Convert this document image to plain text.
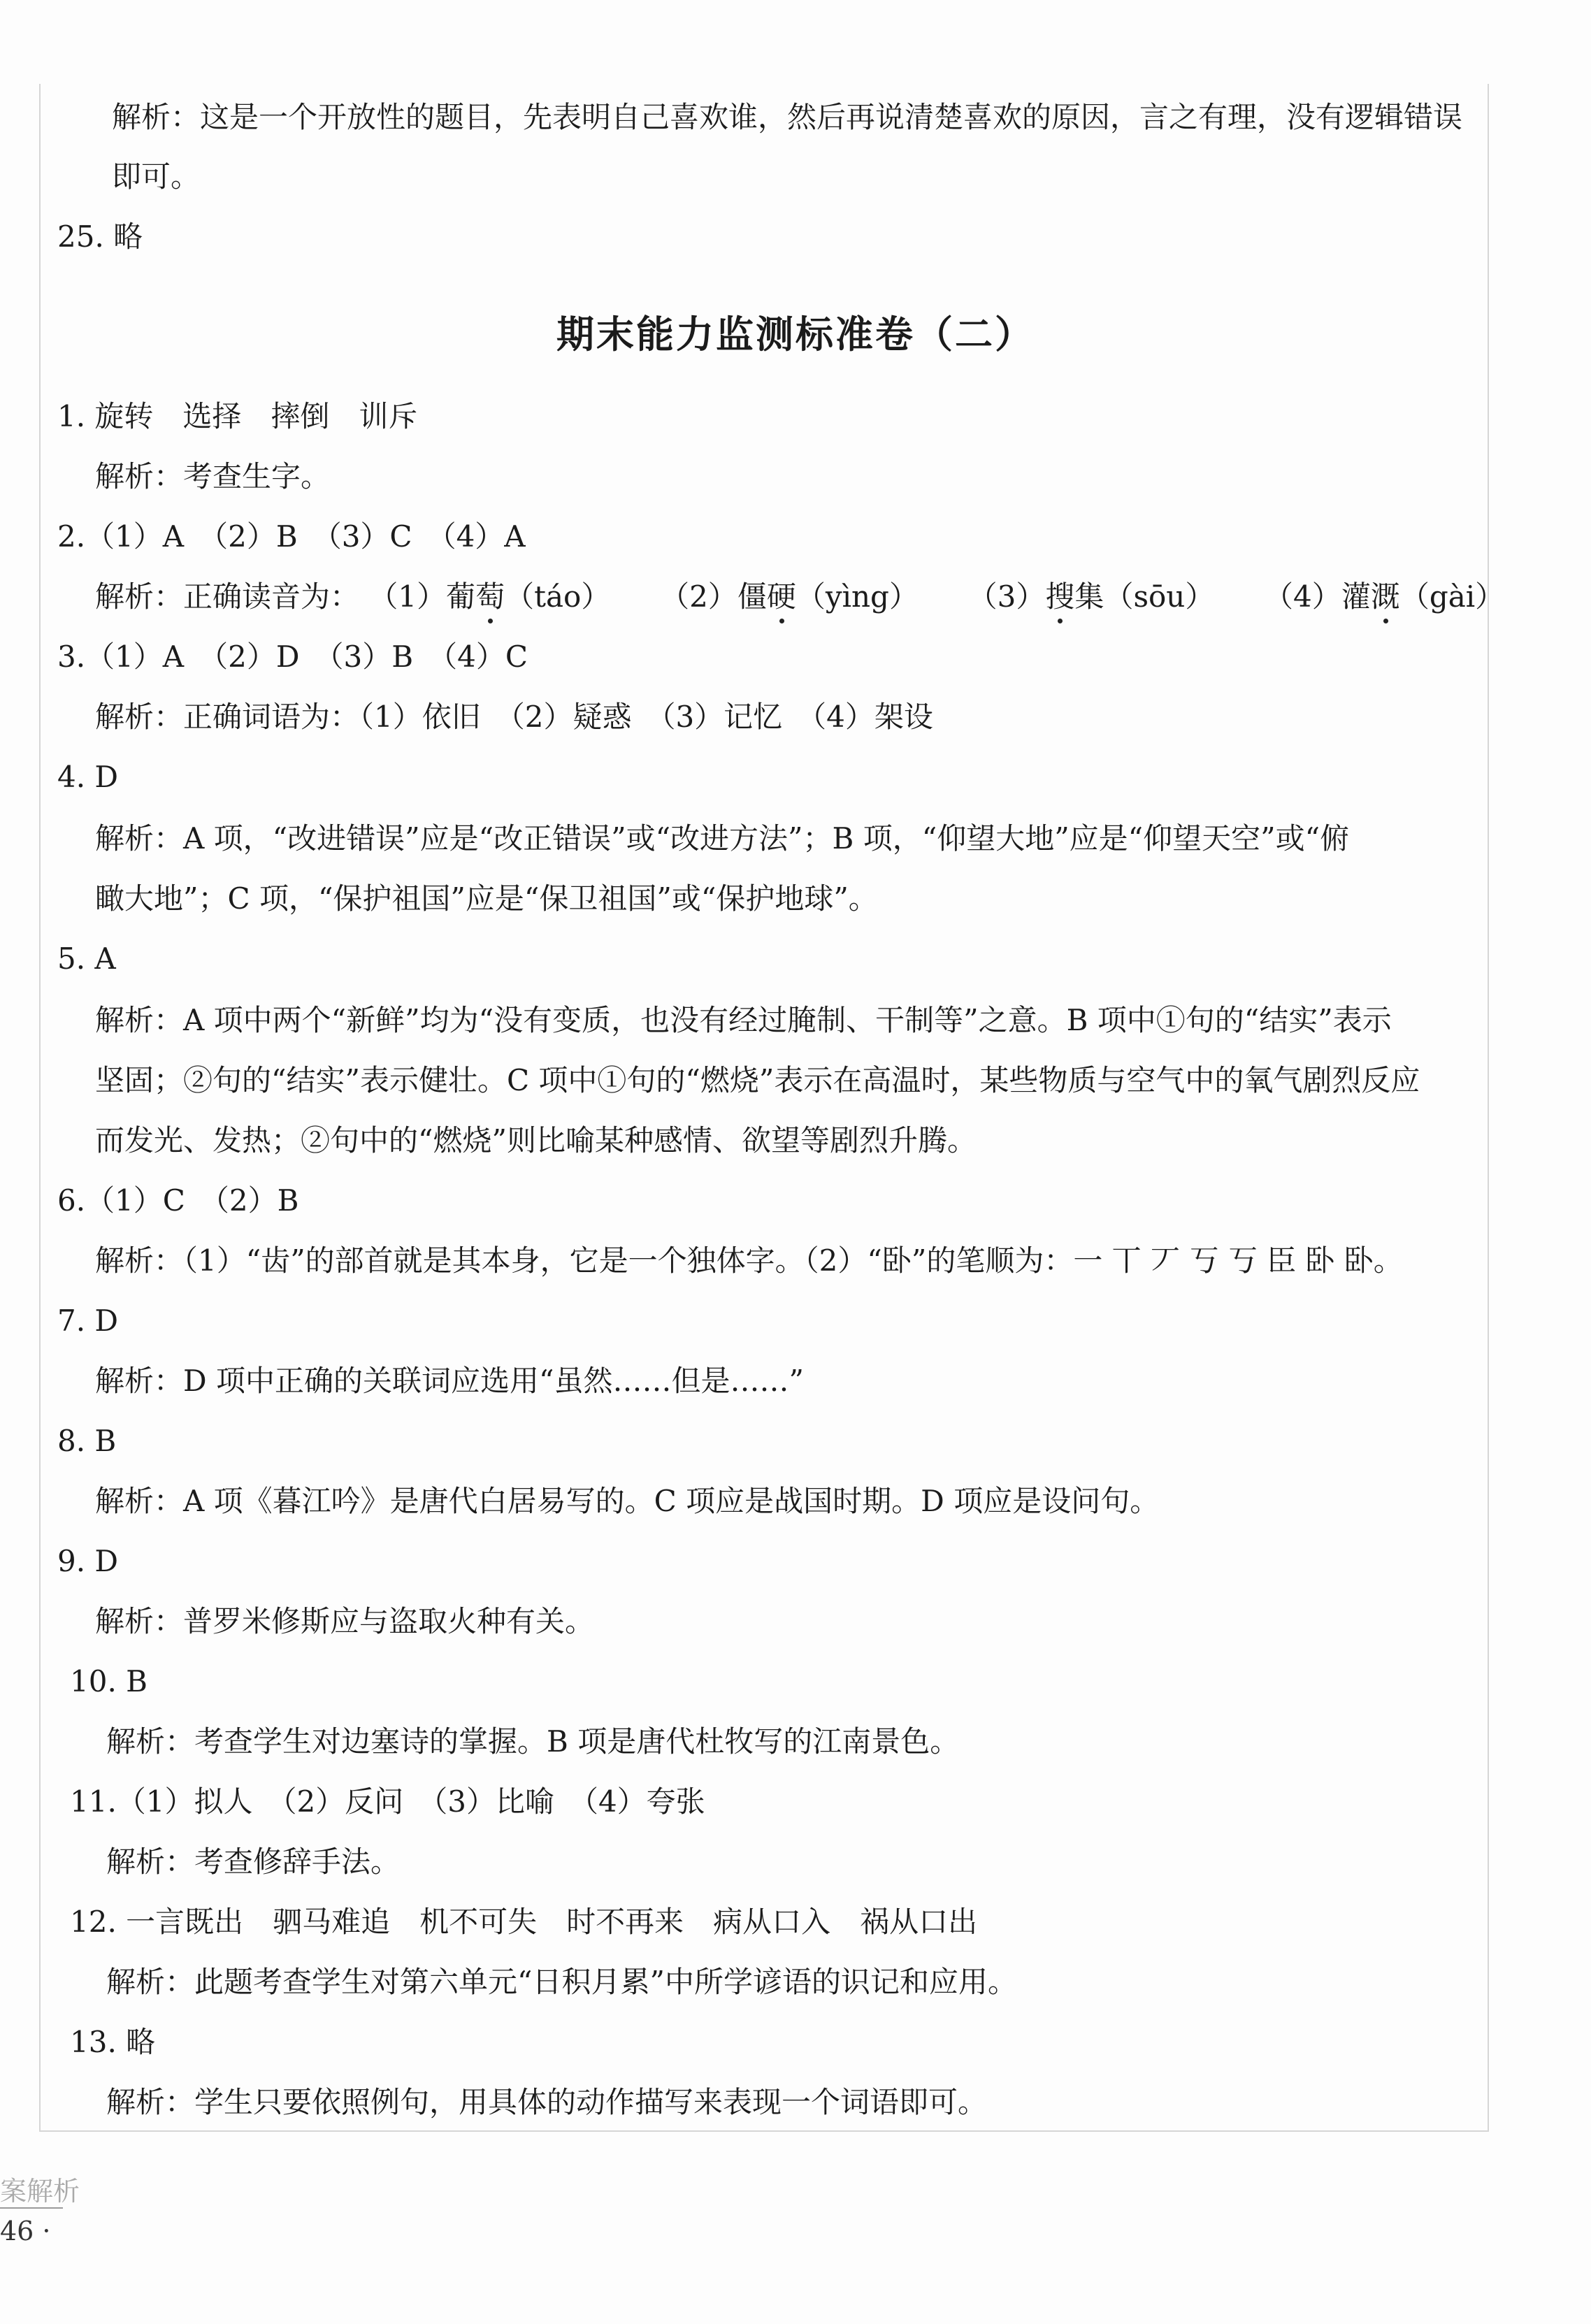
解析：这是一个开放性的题目，先表明自己喜欢谁，然后再说清楚喜欢的原因，言之有理，没有逻辑错误
即可。
25. 略
期末能力监测标准卷（二）
1. 旋转　选择　摔倒　训斥
解析：考查生字。
2.（1）A　（2）B　（3）C　（4）A
解析：正确读音为： （1）葡萄（táo） （2）僵硬（yìng） （3）搜集（sōu） （4）灌溉（gài）
3.（1）A　（2）D　（3）B　（4）C
解析：正确词语为：（1）依旧　（2）疑惑　（3）记忆　（4）架设
4. D
解析：A 项，“改进错误”应是“改正错误”或“改进方法”；B 项，“仰望大地”应是“仰望天空”或“俯
瞰大地”；C 项，“保护祖国”应是“保卫祖国”或“保护地球”。
5. A
解析：A 项中两个“新鲜”均为“没有变质，也没有经过腌制、干制等”之意。B 项中①句的“结实”表示
坚固；②句的“结实”表示健壮。C 项中①句的“燃烧”表示在高温时，某些物质与空气中的氧气剧烈反应
而发光、发热；②句中的“燃烧”则比喻某种感情、欲望等剧烈升腾。
6.（1）C　（2）B
解析：（1）“齿”的部首就是其本身，它是一个独体字。（2）“卧”的笔顺为：一 丅 丆 丂 丂 臣 卧 卧。
7. D
解析：D 项中正确的关联词应选用“虽然……但是……”
8. B
解析：A 项《暮江吟》是唐代白居易写的。C 项应是战国时期。D 项应是设问句。
9. D
解析：普罗米修斯应与盗取火种有关。
10. B
解析：考查学生对边塞诗的掌握。B 项是唐代杜牧写的江南景色。
11.（1）拟人　（2）反问　（3）比喻　（4）夸张
解析：考查修辞手法。
12. 一言既出　驷马难追　机不可失　时不再来　病从口入　祸从口出
解析：此题考查学生对第六单元“日积月累”中所学谚语的识记和应用。
13. 略
解析：学生只要依照例句，用具体的动作描写来表现一个词语即可。
案解析
46 ·
